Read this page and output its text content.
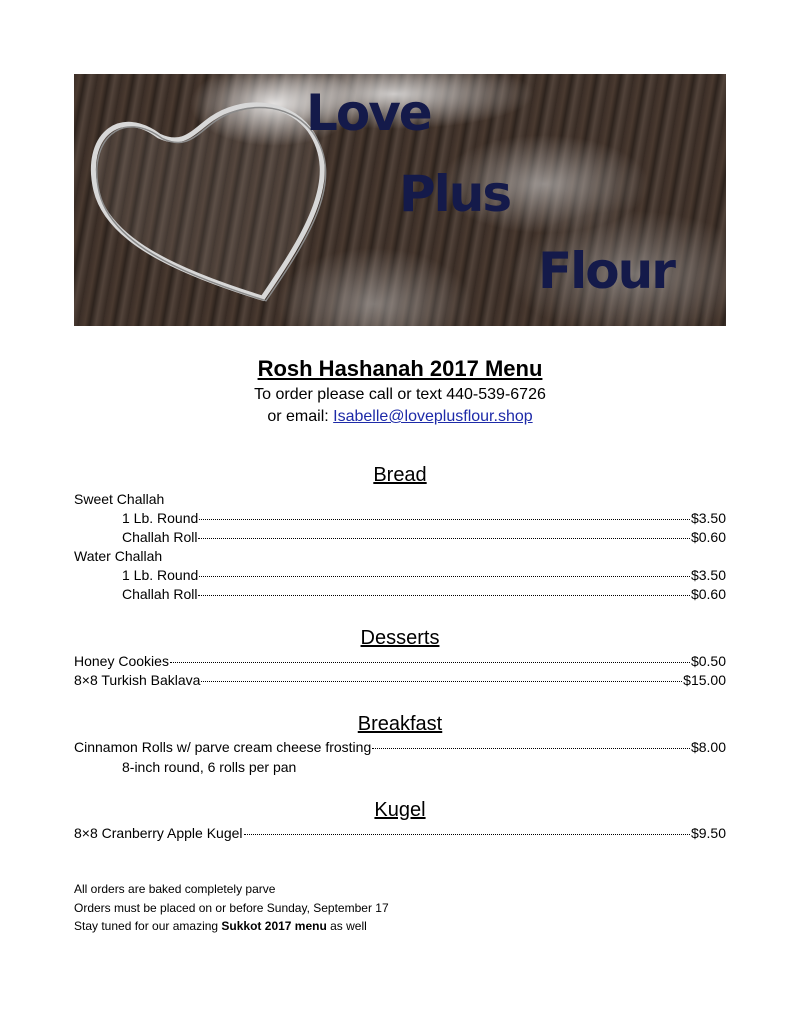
Love
Plus
Flour
Rosh Hashanah 2017 Menu
To order please call or text 440-539-6726
or email: Isabelle@loveplusflour.shop
Bread
Sweet Challah
1 Lb. Round	$3.50
Challah Roll	$0.60
Water Challah
1 Lb. Round	$3.50
Challah Roll	$0.60
Desserts
Honey Cookies	$0.50
8×8 Turkish Baklava	$15.00
Breakfast
Cinnamon Rolls w/ parve cream cheese frosting	$8.00
8-inch round, 6 rolls per pan
Kugel
8×8 Cranberry Apple Kugel	$9.50
All orders are baked completely parve
Orders must be placed on or before Sunday, September 17
Stay tuned for our amazing Sukkot 2017 menu as well
